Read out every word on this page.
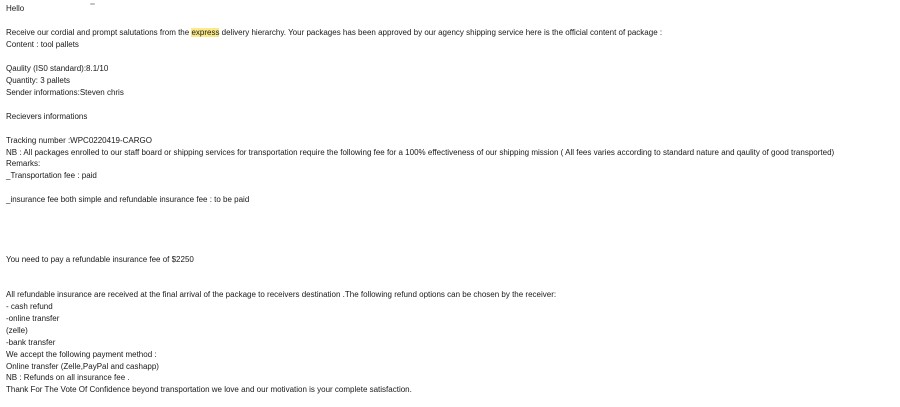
Hello
Receive our cordial and prompt salutations from the express delivery hierarchy. Your packages has been approved by our agency shipping service here is the official content of package :
Content : tool pallets
Qaulity (IS0 standard):8.1/10
Quantity: 3 pallets
Sender informations:Steven chris
Recievers informations
Tracking number :WPC0220419-CARGO
NB : All packages enrolled to our staff board or shipping services for transportation require the following fee for a 100% effectiveness of our shipping mission ( All fees varies according to standard nature and qaulity of good transported)
Remarks:
_Transportation fee : paid
_insurance fee both simple and refundable insurance fee : to be paid
You need to pay a refundable insurance fee of $2250
All refundable insurance are received at the final arrival of the package to receivers destination .The following refund options can be chosen by the receiver:
- cash refund
-online transfer
(zelle)
-bank transfer
We accept the following payment method :
Online transfer (Zelle,PayPal and cashapp)
NB : Refunds on all insurance fee .
Thank For The Vote Of Confidence beyond transportation we love and our motivation is your complete satisfaction.
